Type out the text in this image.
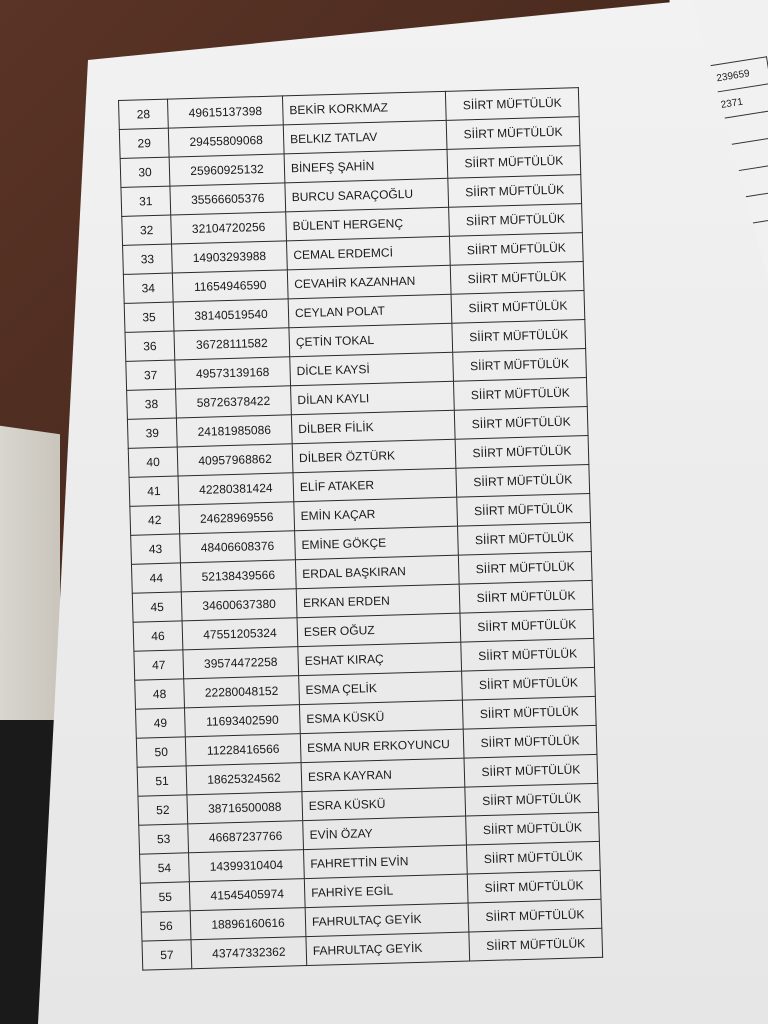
	239659
	2371

28	49615137398	BEKİR KORKMAZ	SİİRT MÜFTÜLÜK
29	29455809068	BELKIZ TATLAV	SİİRT MÜFTÜLÜK
30	25960925132	BİNEFŞ ŞAHİN	SİİRT MÜFTÜLÜK
31	35566605376	BURCU SARAÇOĞLU	SİİRT MÜFTÜLÜK
32	32104720256	BÜLENT HERGENÇ	SİİRT MÜFTÜLÜK
33	14903293988	CEMAL ERDEMCİ	SİİRT MÜFTÜLÜK
34	11654946590	CEVAHİR KAZANHAN	SİİRT MÜFTÜLÜK
35	38140519540	CEYLAN POLAT	SİİRT MÜFTÜLÜK
36	36728111582	ÇETİN TOKAL	SİİRT MÜFTÜLÜK
37	49573139168	DİCLE KAYSİ	SİİRT MÜFTÜLÜK
38	58726378422	DİLAN KAYLI	SİİRT MÜFTÜLÜK
39	24181985086	DİLBER FİLİK	SİİRT MÜFTÜLÜK
40	40957968862	DİLBER ÖZTÜRK	SİİRT MÜFTÜLÜK
41	42280381424	ELİF ATAKER	SİİRT MÜFTÜLÜK
42	24628969556	EMİN KAÇAR	SİİRT MÜFTÜLÜK
43	48406608376	EMİNE GÖKÇE	SİİRT MÜFTÜLÜK
44	52138439566	ERDAL BAŞKIRAN	SİİRT MÜFTÜLÜK
45	34600637380	ERKAN ERDEN	SİİRT MÜFTÜLÜK
46	47551205324	ESER OĞUZ	SİİRT MÜFTÜLÜK
47	39574472258	ESHAT KIRAÇ	SİİRT MÜFTÜLÜK
48	22280048152	ESMA ÇELİK	SİİRT MÜFTÜLÜK
49	11693402590	ESMA KÜSKÜ	SİİRT MÜFTÜLÜK
50	11228416566	ESMA NUR ERKOYUNCU	SİİRT MÜFTÜLÜK
51	18625324562	ESRA KAYRAN	SİİRT MÜFTÜLÜK
52	38716500088	ESRA KÜSKÜ	SİİRT MÜFTÜLÜK
53	46687237766	EVİN ÖZAY	SİİRT MÜFTÜLÜK
54	14399310404	FAHRETTİN EVİN	SİİRT MÜFTÜLÜK
55	41545405974	FAHRİYE EGİL	SİİRT MÜFTÜLÜK
56	18896160616	FAHRULTAÇ GEYİK	SİİRT MÜFTÜLÜK
57	43747332362	FAHRULTAÇ GEYİK	SİİRT MÜFTÜLÜK
